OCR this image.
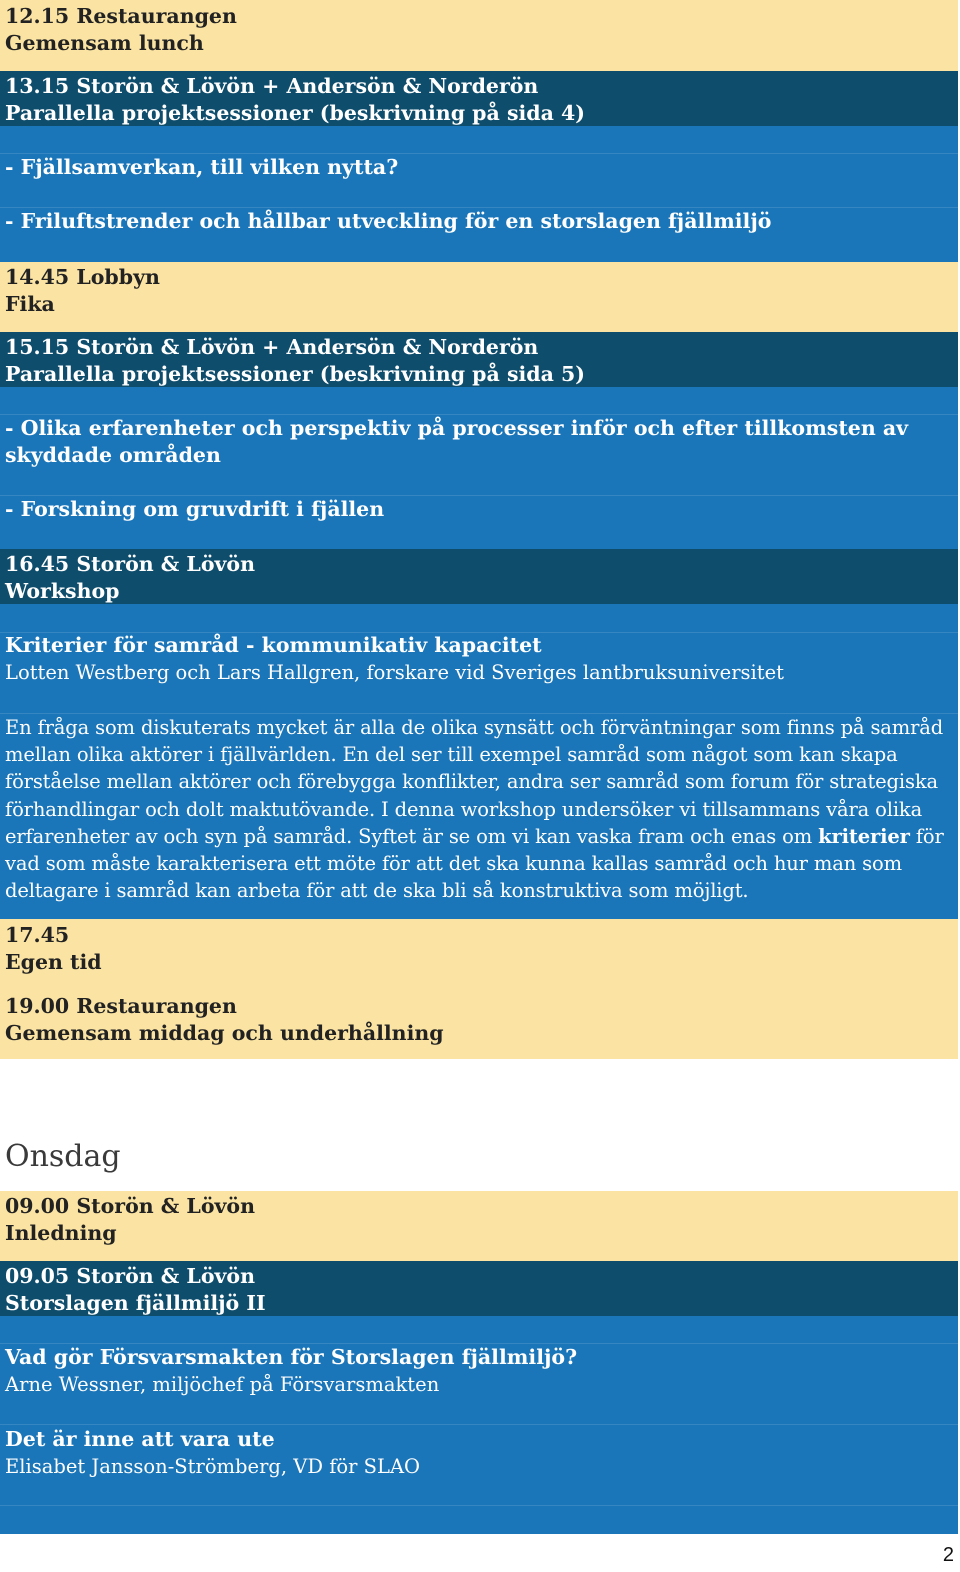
12.15 Restaurangen
Gemensam lunch
13.15 Storön & Lövön + Andersön & Norderön
Parallella projektsessioner (beskrivning på sida 4)
- Fjällsamverkan, till vilken nytta?
- Friluftstrender och hållbar utveckling för en storslagen fjällmiljö
14.45 Lobbyn
Fika
15.15 Storön & Lövön + Andersön & Norderön
Parallella projektsessioner (beskrivning på sida 5)
- Olika erfarenheter och perspektiv på processer inför och efter tillkomsten av skyddade områden
- Forskning om gruvdrift i fjällen
16.45 Storön & Lövön
Workshop
Kriterier för samråd - kommunikativ kapacitet
Lotten Westberg och Lars Hallgren, forskare vid Sveriges lantbruksuniversitet
En fråga som diskuterats mycket är alla de olika synsätt och förväntningar som finns på samråd mellan olika aktörer i fjällvärlden. En del ser till exempel samråd som något som kan skapa förståelse mellan aktörer och förebygga konflikter, andra ser samråd som forum för strategiska förhandlingar och dolt maktutövande. I denna workshop undersöker vi tillsammans våra olika erfarenheter av och syn på samråd. Syftet är se om vi kan vaska fram och enas om kriterier för vad som måste karakterisera ett möte för att det ska kunna kallas samråd och hur man som deltagare i samråd kan arbeta för att de ska bli så konstruktiva som möjligt.
17.45
Egen tid
19.00 Restaurangen
Gemensam middag och underhållning
Onsdag
09.00 Storön & Lövön
Inledning
09.05 Storön & Lövön
Storslagen fjällmiljö II
Vad gör Försvarsmakten för Storslagen fjällmiljö?
Arne Wessner, miljöchef på Försvarsmakten
Det är inne att vara ute
Elisabet Jansson-Strömberg, VD för SLAO
2
